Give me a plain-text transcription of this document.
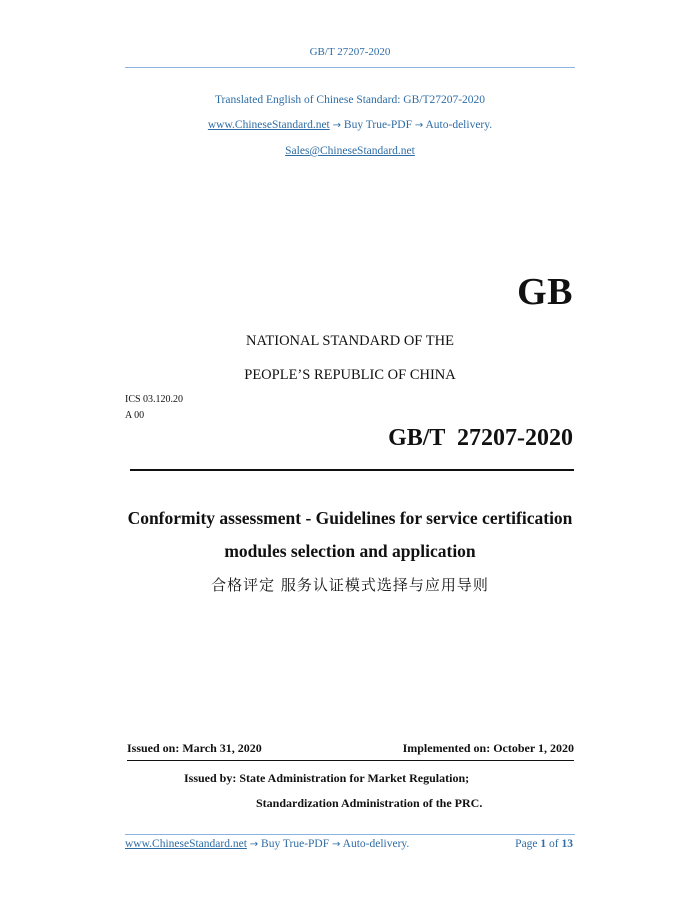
GB/T 27207-2020
Translated English of Chinese Standard: GB/T27207-2020
www.ChineseStandard.net → Buy True-PDF → Auto-delivery.
Sales@ChineseStandard.net
GB
NATIONAL STANDARD OF THE
PEOPLE’S REPUBLIC OF CHINA
ICS 03.120.20
A 00
GB/T  27207-2020
Conformity assessment - Guidelines for service certification
modules selection and application
合格评定 服务认证模式选择与应用导则
Issued on: March 31, 2020	Implemented on: October 1, 2020
Issued by: State Administration for Market Regulation;
Standardization Administration of the PRC.
www.ChineseStandard.net → Buy True-PDF → Auto-delivery.	Page 1 of 13
